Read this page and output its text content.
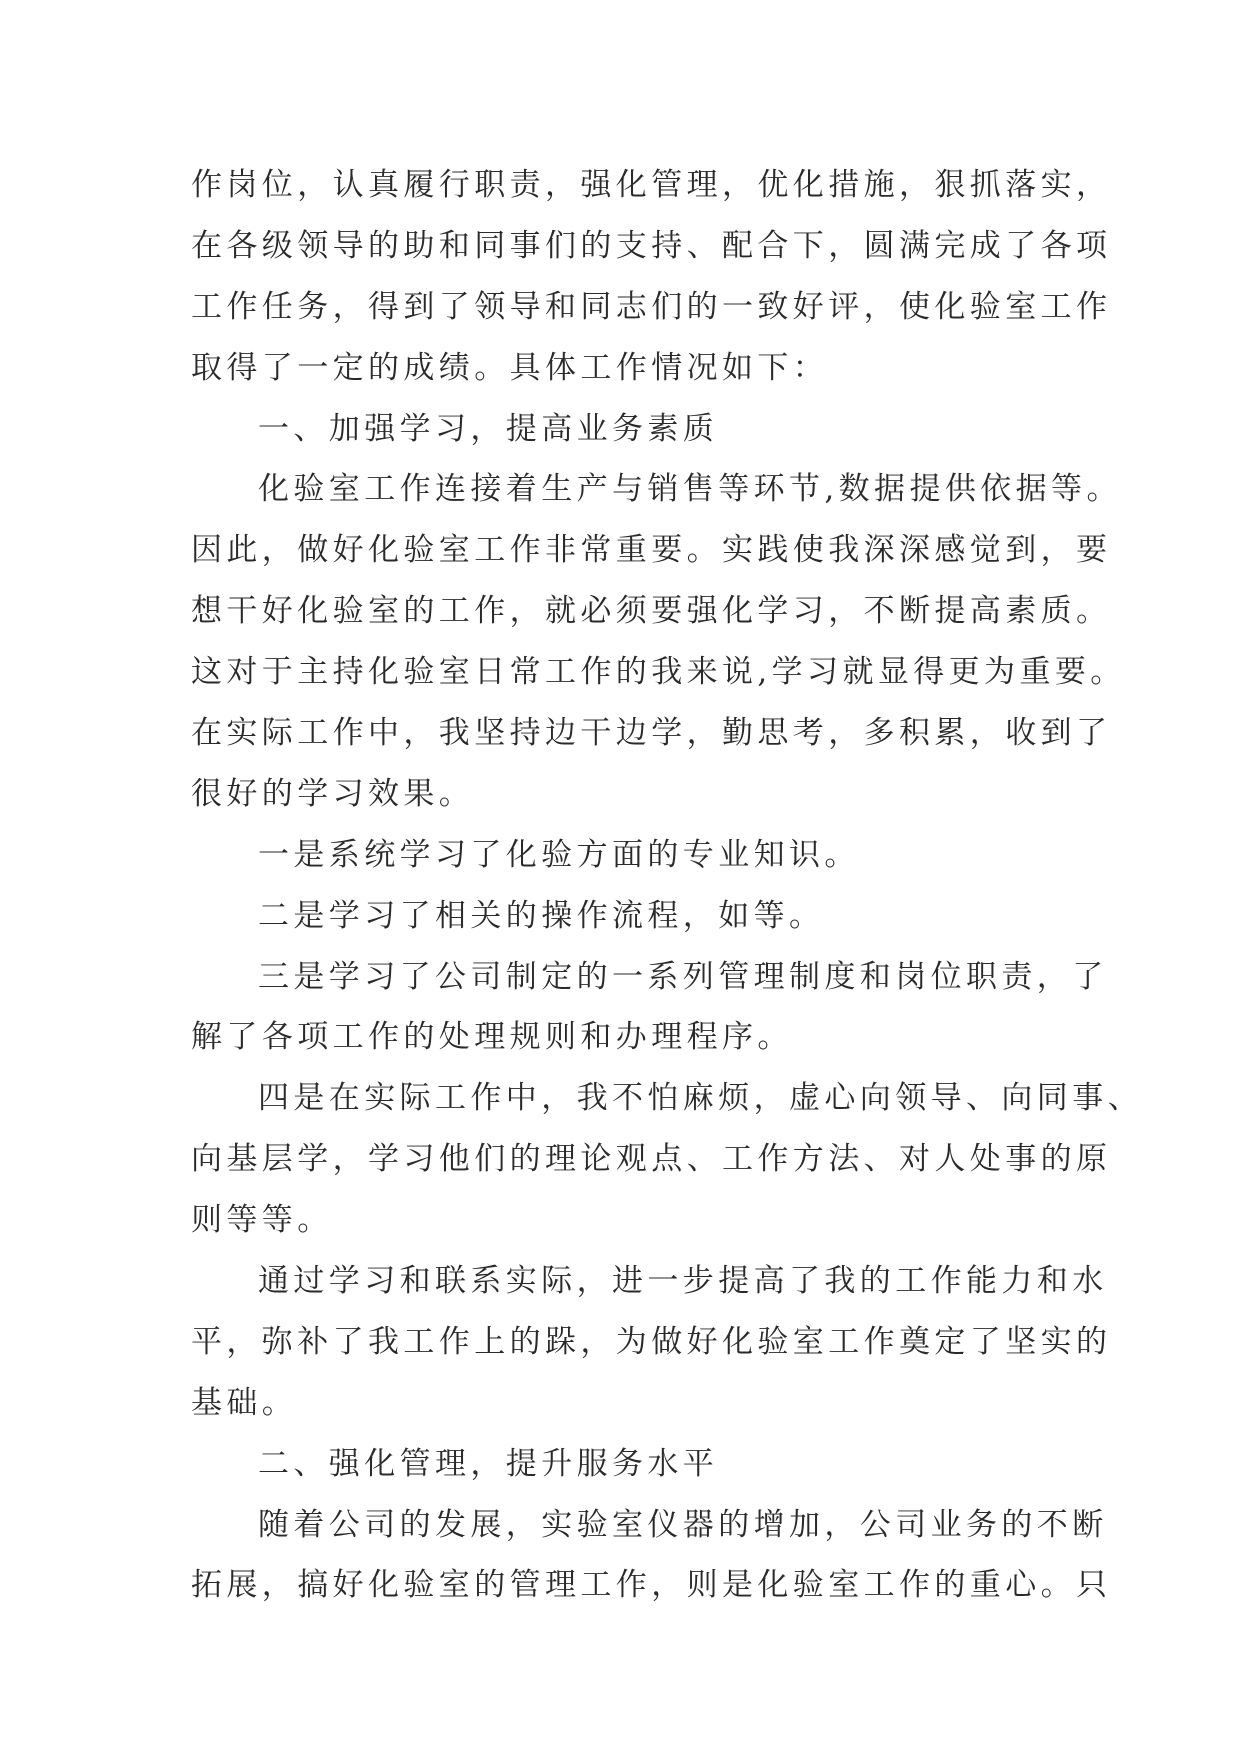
作岗位，认真履行职责，强化管理，优化措施，狠抓落实，
在各级领导的助和同事们的支持、配合下，圆满完成了各项
工作任务，得到了领导和同志们的一致好评，使化验室工作
取得了一定的成绩。具体工作情况如下：
一、加强学习，提高业务素质
化验室工作连接着生产与销售等环节,数据提供依据等。
因此，做好化验室工作非常重要。实践使我深深感觉到，要
想干好化验室的工作，就必须要强化学习，不断提高素质。
这对于主持化验室日常工作的我来说,学习就显得更为重要。
在实际工作中，我坚持边干边学，勤思考，多积累，收到了
很好的学习效果。
一是系统学习了化验方面的专业知识。
二是学习了相关的操作流程，如等。
三是学习了公司制定的一系列管理制度和岗位职责，了
解了各项工作的处理规则和办理程序。
四是在实际工作中，我不怕麻烦，虚心向领导、向同事、
向基层学，学习他们的理论观点、工作方法、对人处事的原
则等等。
通过学习和联系实际，进一步提高了我的工作能力和水
平，弥补了我工作上的跺，为做好化验室工作奠定了坚实的
基础。
二、强化管理，提升服务水平
随着公司的发展，实验室仪器的增加，公司业务的不断
拓展，搞好化验室的管理工作，则是化验室工作的重心。只
